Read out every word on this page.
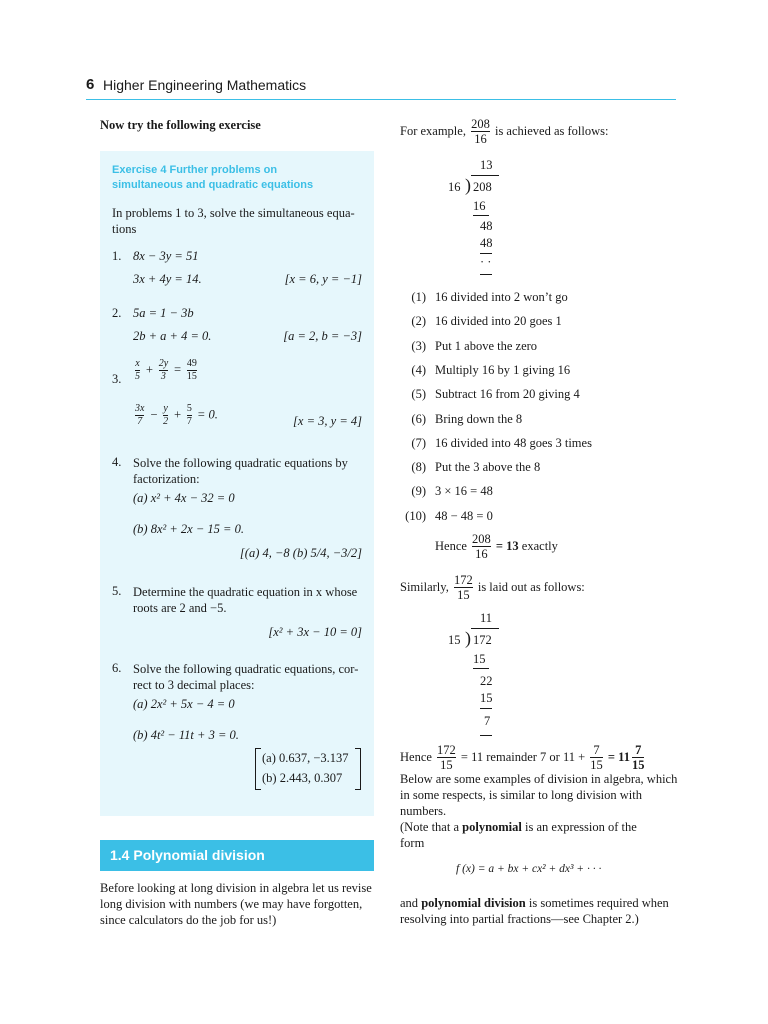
6 Higher Engineering Mathematics
Now try the following exercise
Exercise 4 Further problems on
simultaneous and quadratic equations
In problems 1 to 3, solve the simultaneous equa-
tions
1. 8x − 3y = 51
3x + 4y = 14.	[x = 6, y = −1]
2. 5a = 1 − 3b
2b + a + 4 = 0.	[a = 2, b = −3]
3. $\frac{x}{5} + \frac{2y}{3} = \frac{49}{15}$
$\frac{3x}{7} - \frac{y}{2} + \frac{5}{7} = 0$.	[x = 3, y = 4]
4. Solve the following quadratic equations by
factorization:
(a) x² + 4x − 32 = 0
(b) 8x² + 2x − 15 = 0.
[(a) 4, −8 (b) 5/4, −3/2]
5. Determine the quadratic equation in x whose
roots are 2 and −5.
[x² + 3x − 10 = 0]
6. Solve the following quadratic equations, cor-
rect to 3 decimal places:
(a) 2x² + 5x − 4 = 0
(b) 4t² − 11t + 3 = 0.
(a) 0.637, −3.137
(b) 2.443, 0.307
1.4 Polynomial division
Before looking at long division in algebra let us revise
long division with numbers (we may have forgotten,
since calculators do the job for us!)
For example, $\frac{208}{16}$ is achieved as follows:
13
16 ) 208
16
48
48
· ·
(1) 16 divided into 2 won’t go
(2) 16 divided into 20 goes 1
(3) Put 1 above the zero
(4) Multiply 16 by 1 giving 16
(5) Subtract 16 from 20 giving 4
(6) Bring down the 8
(7) 16 divided into 48 goes 3 times
(8) Put the 3 above the 8
(9) 3 × 16 = 48
(10) 48 − 48 = 0
Hence $\frac{208}{16} = 13$ exactly
Similarly, $\frac{172}{15}$ is laid out as follows:
11
15 ) 172
15
22
15
7
Hence $\frac{172}{15} = 11$ remainder 7 or $11 + \frac{7}{15} = 11 \frac{7}{15}$
Below are some examples of division in algebra, which
in some respects, is similar to long division with
numbers.
(Note that a polynomial is an expression of the
form
f (x) = a + bx + cx² + dx³ + · · ·
and polynomial division is sometimes required when
resolving into partial fractions—see Chapter 2.)
